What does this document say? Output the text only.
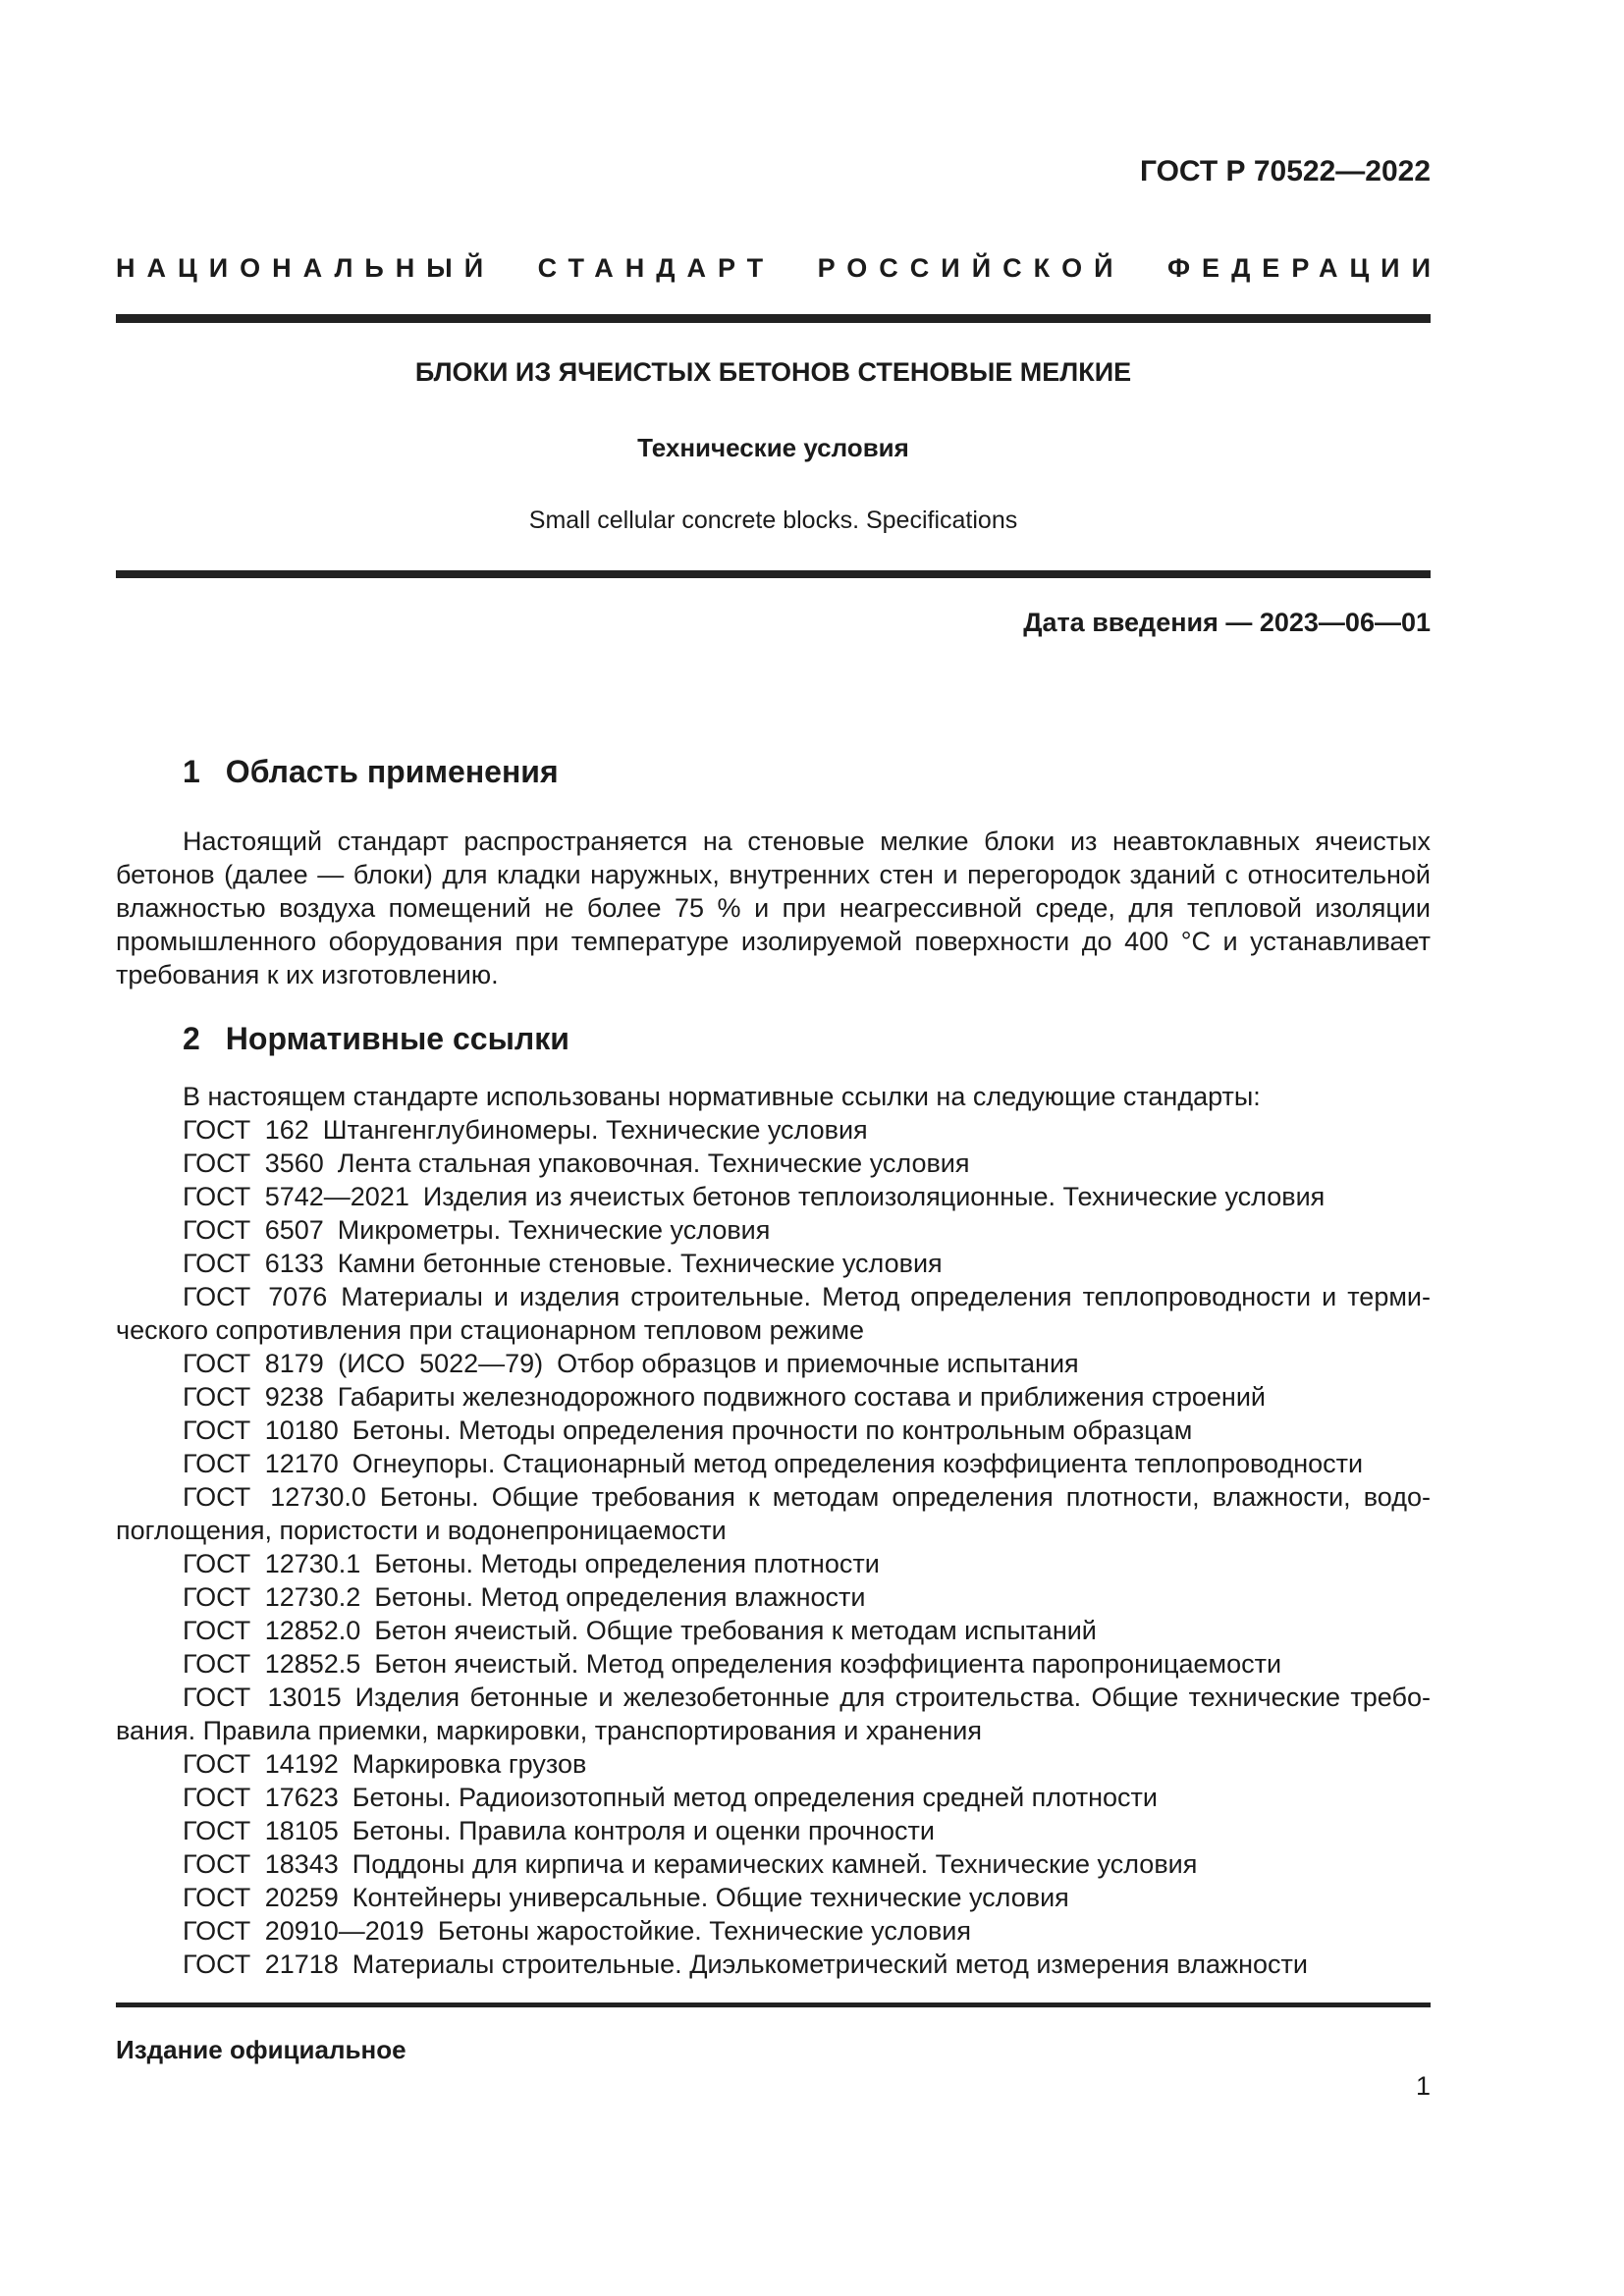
ГОСТ Р 70522—2022
НАЦИОНАЛЬНЫЙ СТАНДАРТ РОССИЙСКОЙ ФЕДЕРАЦИИ
БЛОКИ ИЗ ЯЧЕИСТЫХ БЕТОНОВ СТЕНОВЫЕ МЕЛКИЕ
Технические условия
Small cellular concrete blocks. Specifications
Дата введения — 2023—06—01
1 Область применения

Настоящий стандарт распространяется на стеновые мелкие блоки из неавтоклавных ячеистых бетонов (далее — блоки) для кладки наружных, внутренних стен и перегородок зданий с относительной влажностью воздуха помещений не более 75 % и при неагрессивной среде, для тепловой изоляции промышленного оборудования при температуре изолируемой поверхности до 400 °С и устанавливает требования к их изготовлению.

2 Нормативные ссылки

В настоящем стандарте использованы нормативные ссылки на следующие стандарты:

ГОСТ 162 Штангенглубиномеры. Технические условия

ГОСТ 3560 Лента стальная упаковочная. Технические условия

ГОСТ 5742—2021 Изделия из ячеистых бетонов теплоизоляционные. Технические условия

ГОСТ 6507 Микрометры. Технические условия

ГОСТ 6133 Камни бетонные стеновые. Технические условия

ГОСТ 7076 Материалы и изделия строительные. Метод определения теплопроводности и термического сопротивления при стационарном тепловом режиме

ГОСТ 8179 (ИСО 5022—79) Отбор образцов и приемочные испытания

ГОСТ 9238 Габариты железнодорожного подвижного состава и приближения строений

ГОСТ 10180 Бетоны. Методы определения прочности по контрольным образцам

ГОСТ 12170 Огнеупоры. Стационарный метод определения коэффициента теплопроводности

ГОСТ 12730.0 Бетоны. Общие требования к методам определения плотности, влажности, водопоглощения, пористости и водонепроницаемости

ГОСТ 12730.1 Бетоны. Методы определения плотности

ГОСТ 12730.2 Бетоны. Метод определения влажности

ГОСТ 12852.0 Бетон ячеистый. Общие требования к методам испытаний

ГОСТ 12852.5 Бетон ячеистый. Метод определения коэффициента паропроницаемости

ГОСТ 13015 Изделия бетонные и железобетонные для строительства. Общие технические требования. Правила приемки, маркировки, транспортирования и хранения

ГОСТ 14192 Маркировка грузов

ГОСТ 17623 Бетоны. Радиоизотопный метод определения средней плотности

ГОСТ 18105 Бетоны. Правила контроля и оценки прочности

ГОСТ 18343 Поддоны для кирпича и керамических камней. Технические условия

ГОСТ 20259 Контейнеры универсальные. Общие технические условия

ГОСТ 20910—2019 Бетоны жаростойкие. Технические условия

ГОСТ 21718 Материалы строительные. Диэлькометрический метод измерения влажности

Издание официальное
1
